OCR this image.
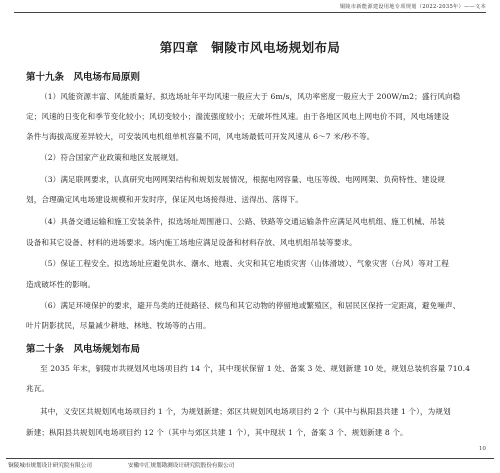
铜陵市新能源建设用地专项规划（2022-2035年）——文本
第四章　铜陵市风电场规划布局
第十九条　风电场布局原则
（1）风能资源丰富、风能质量好。拟选场址年平均风速一般应大于 6m/s，风功率密度一般应大于 200W/m2；盛行风向稳
定；风速的日变化和季节变化较小；风切变较小；湍流强度较小；无破坏性风速。由于各地区风电上网电价不同，风电场建设
条件与海拔高度差异较大，可安装风电机组单机容量不同，风电场最低可开发风速从 6～7 米/秒不等。
（2）符合国家产业政策和地区发展规划。
（3）满足联网要求，认真研究电网网架结构和规划发展情况，根据电网容量、电压等级、电网网架、负荷特性、建设规
划，合理确定风电场建设规模和开发时序，保证风电场接得进、送得出、落得下。
（4）具备交通运输和施工安装条件，拟选场址周围港口、公路、铁路等交通运输条件应满足风电机组、施工机械、吊装
设备和其它设备、材料的进场要求。场内施工场地应满足设备和材料存放、风电机组吊装等要求。
（5）保证工程安全。拟选场址应避免洪水、潮水、地震、火灾和其它地质灾害（山体滑坡）、气象灾害（台风）等对工程
造成破坏性的影响。
（6）满足环境保护的要求，避开鸟类的迁徙路径、候鸟和其它动物的停留地或繁殖区，和居民区保持一定距离，避免噪声、
叶片阴影扰民，尽量减少耕地、林地、牧场等的占用。
第二十条　风电场规划布局
至 2035 年末，铜陵市共规划风电场项目约 14 个，其中现状保留 1 处、备案 3 处、规划新建 10 处，规划总装机容量 710.4
兆瓦。
其中，义安区共规划风电场项目约 1 个，为规划新建；郊区共规划风电场项目约 2 个（其中与枞阳县共建 1 个），为规划
新建；枞阳县共规划风电场项目约 12 个（其中与郊区共建 1 个），其中现状 1 个，备案 3 个、规划新建 8 个。
10
铜陵城市规划设计研究院有限公司	安徽中汇规划勘测设计研究院股份有限公司
